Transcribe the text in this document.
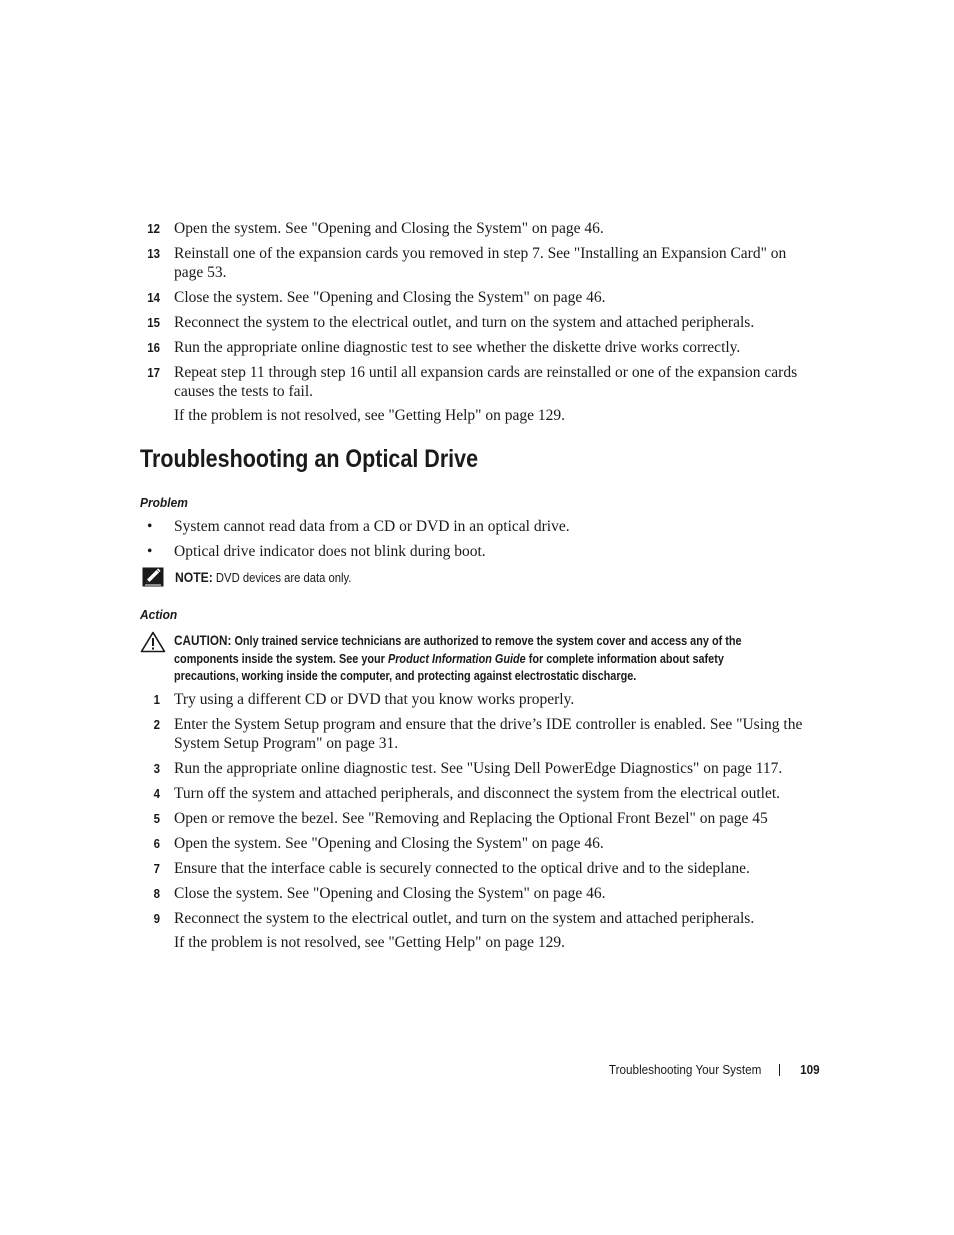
12 Open the system. See "Opening and Closing the System" on page 46.
13 Reinstall one of the expansion cards you removed in step 7. See "Installing an Expansion Card" on
page 53.
14 Close the system. See "Opening and Closing the System" on page 46.
15 Reconnect the system to the electrical outlet, and turn on the system and attached peripherals.
16 Run the appropriate online diagnostic test to see whether the diskette drive works correctly.
17 Repeat step 11 through step 16 until all expansion cards are reinstalled or one of the expansion cards
causes the tests to fail.
If the problem is not resolved, see "Getting Help" on page 129.
Troubleshooting an Optical Drive
Problem
• System cannot read data from a CD or DVD in an optical drive.
• Optical drive indicator does not blink during boot.
NOTE: DVD devices are data only.
Action
CAUTION: Only trained service technicians are authorized to remove the system cover and access any of the
components inside the system. See your Product Information Guide for complete information about safety
precautions, working inside the computer, and protecting against electrostatic discharge.
1 Try using a different CD or DVD that you know works properly.
2 Enter the System Setup program and ensure that the drive’s IDE controller is enabled. See "Using the
System Setup Program" on page 31.
3 Run the appropriate online diagnostic test. See "Using Dell PowerEdge Diagnostics" on page 117.
4 Turn off the system and attached peripherals, and disconnect the system from the electrical outlet.
5 Open or remove the bezel. See "Removing and Replacing the Optional Front Bezel" on page 45
6 Open the system. See "Opening and Closing the System" on page 46.
7 Ensure that the interface cable is securely connected to the optical drive and to the sideplane.
8 Close the system. See "Opening and Closing the System" on page 46.
9 Reconnect the system to the electrical outlet, and turn on the system and attached peripherals.
If the problem is not resolved, see "Getting Help" on page 129.
Troubleshooting Your System	109
